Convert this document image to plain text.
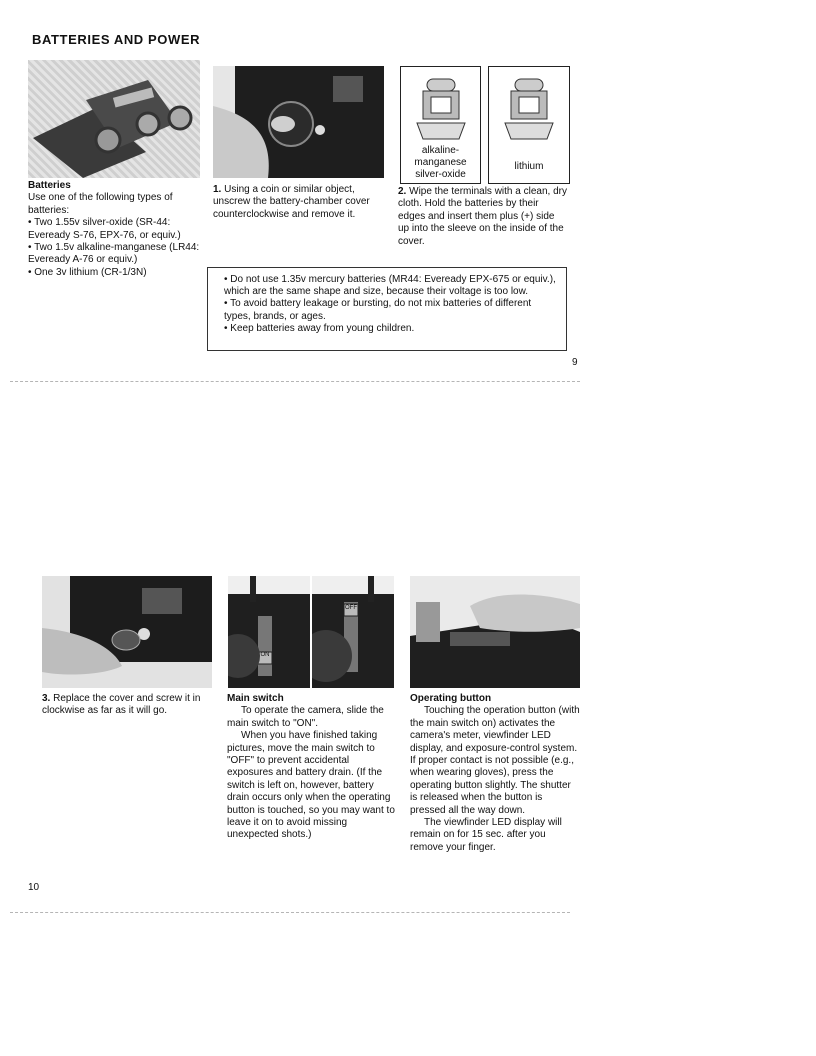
BATTERIES AND POWER
alkaline-
manganese	lithium
silver-oxide

Batteries

Use one of the following types of batteries:

• Two 1.55v silver-oxide (SR-44: Eveready S-76, EPX-76, or equiv.)

• Two 1.5v alkaline-manganese (LR44: Eveready A-76 or equiv.)

• One 3v lithium (CR-1/3N)

1. Using a coin or similar object, unscrew the battery-chamber cover counterclockwise and remove it.
2. Wipe the terminals with a clean, dry cloth. Hold the batteries by their edges and insert them plus (+) side up into the sleeve on the inside of the cover.

• Do not use 1.35v mercury batteries (MR44: Eveready EPX-675 or equiv.), which are the same shape and size, because their voltage is too low.

• To avoid battery leakage or bursting, do not mix batteries of different types, brands, or ages.

• Keep batteries away from young children.

9
ON
OFF
3. Replace the cover and screw it in clockwise as far as it will go.

Main switch

To operate the camera, slide the main switch to "ON".

When you have finished taking pictures, move the main switch to "OFF" to prevent accidental exposures and battery drain. (If the switch is left on, however, battery drain occurs only when the operating button is touched, so you may want to leave it on to avoid missing unexpected shots.)

Operating button

Touching the operation button (with the main switch on) activates the camera's meter, viewfinder LED display, and exposure-control system. If proper contact is not possible (e.g., when wearing gloves), press the operating button slightly. The shutter is released when the button is pressed all the way down.

The viewfinder LED display will remain on for 15 sec. after you remove your finger.

10
